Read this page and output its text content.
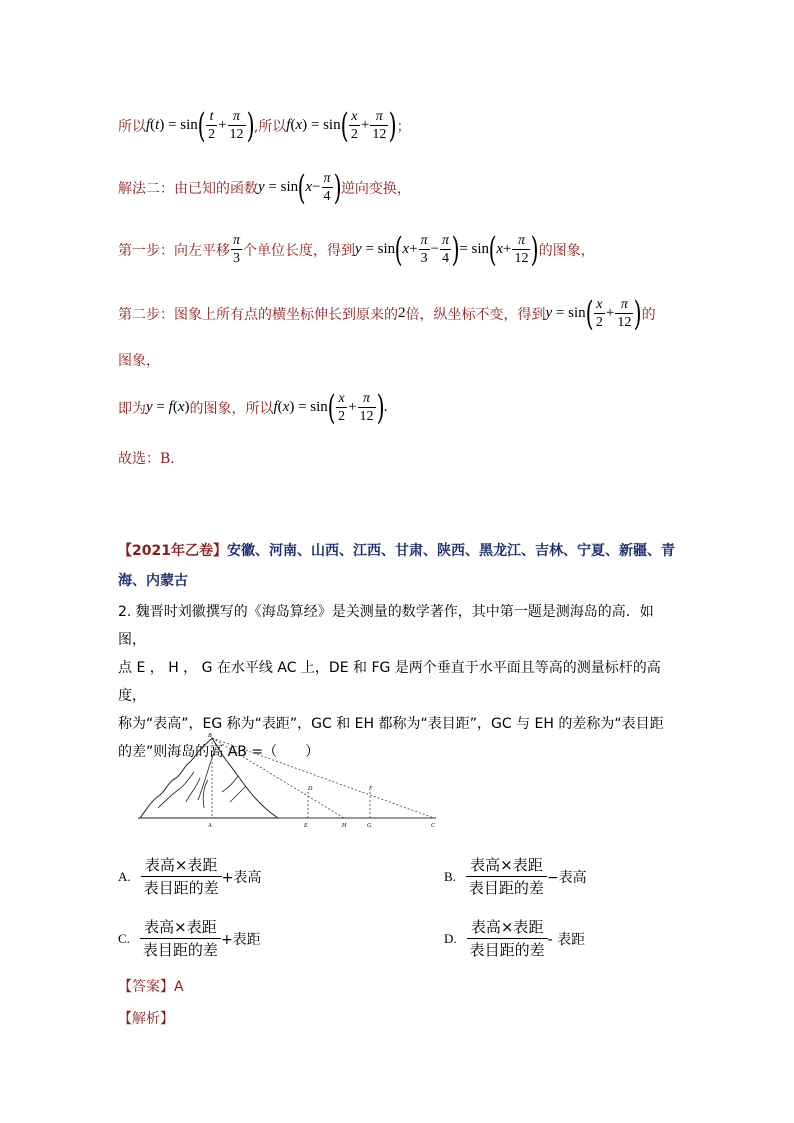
所以 f(t) = sin ( $\frac{t}{2} + \frac{\pi}{12}$ ) ,所以 f(x) = sin ( $\frac{x}{2} + \frac{\pi}{12}$ ) ；
解法二：由已知的函数 y = sin ( $x - \frac{\pi}{4}$ ) 逆向变换，
第一步：向左平移 $\frac{\pi}{3}$ 个单位长度，得到 y = sin ( $x + \frac{\pi}{3} - \frac{\pi}{4}$ ) = sin ( $x + \frac{\pi}{12}$ ) 的图象，
第二步：图象上所有点的横坐标伸长到原来的 2 倍，纵坐标不变，得到 y = sin ( $\frac{x}{2} + \frac{\pi}{12}$ ) 的
图象，
即为 y = f(x) 的图象，所以 f(x) = sin ( $\frac{x}{2} + \frac{\pi}{12}$ ) .
故选：B.
【2021年乙卷】安徽、河南、山西、江西、甘肃、陕西、黑龙江、吉林、宁夏、新疆、青
海、内蒙古
2. 魏晋时刘徽撰写的《海岛算经》是关测量的数学著作，其中第一题是测海岛的高．如图，
点 E ， H ， G 在水平线 AC 上，DE 和 FG 是两个垂直于水平面且等高的测量标杆的高度，
称为“表高”，EG 称为“表距”，GC 和 EH 都称为“表目距”，GC 与 EH 的差称为“表目距
的差”则海岛的高 AB =（　　）
B
D	F
A	E	H	G	C
A. $\frac{\text{表高×表距}}{\text{表目距的差}}$ +表高	B. $\frac{\text{表高×表距}}{\text{表目距的差}}$ −表高
C. $\frac{\text{表高×表距}}{\text{表目距的差}}$ +表距	D. $\frac{\text{表高×表距}}{\text{表目距的差}}$ - 表距
【答案】A
【解析】
